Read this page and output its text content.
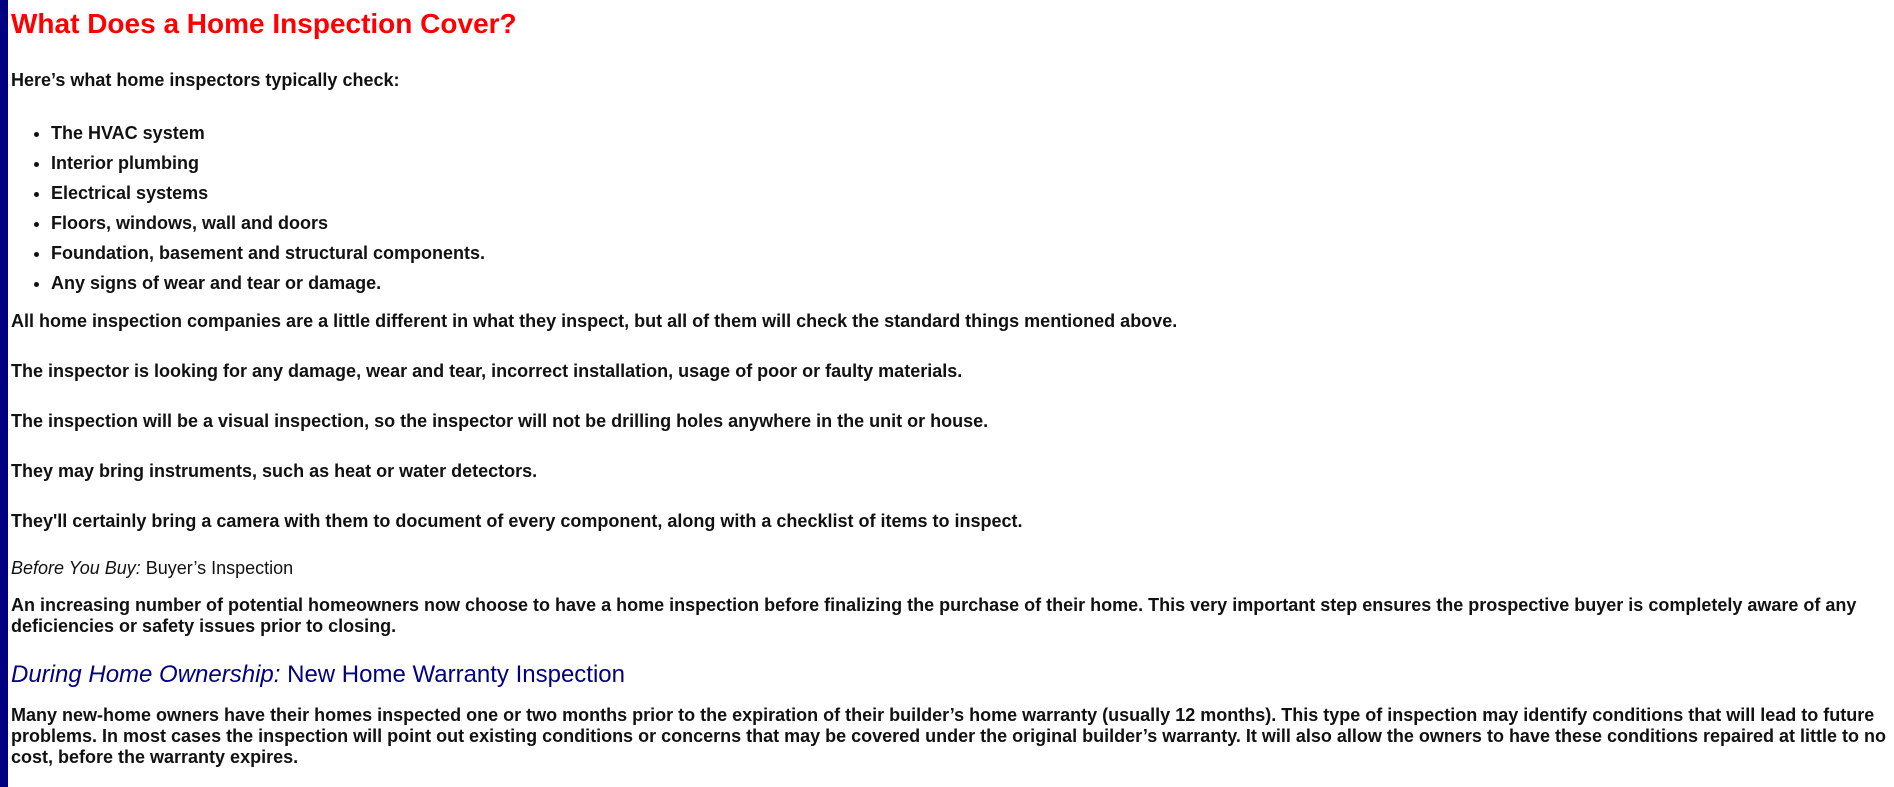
What Does a Home Inspection Cover?

Here’s what home inspectors typically check:

• The HVAC system
• Interior plumbing
• Electrical systems
• Floors, windows, wall and doors
• Foundation, basement and structural components.
• Any signs of wear and tear or damage.

All home inspection companies are a little different in what they inspect, but all of them will check the standard things mentioned above.

The inspector is looking for any damage, wear and tear, incorrect installation, usage of poor or faulty materials.

The inspection will be a visual inspection, so the inspector will not be drilling holes anywhere in the unit or house.

They may bring instruments, such as heat or water detectors.

They'll certainly bring a camera with them to document of every component, along with a checklist of items to inspect.

Before You Buy: Buyer’s Inspection

An increasing number of potential homeowners now choose to have a home inspection before finalizing the purchase of their home. This very important step ensures the prospective buyer is completely aware of any deficiencies or safety issues prior to closing.

During Home Ownership: New Home Warranty Inspection

Many new-home owners have their homes inspected one or two months prior to the expiration of their builder’s home warranty (usually 12 months). This type of inspection may identify conditions that will lead to future problems. In most cases the inspection will point out existing conditions or concerns that may be covered under the original builder’s warranty. It will also allow the owners to have these conditions repaired at little to no cost, before the warranty expires.
